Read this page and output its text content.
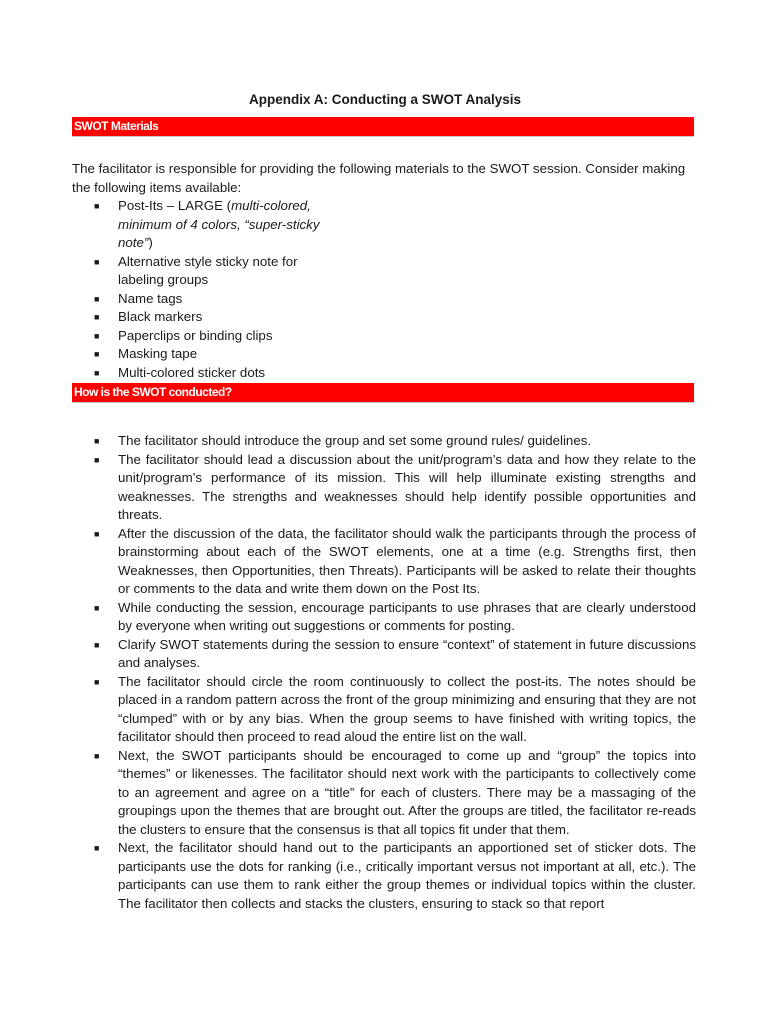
Appendix A: Conducting a SWOT Analysis
SWOT Materials

The facilitator is responsible for providing the following materials to the SWOT session. Consider making the following items available:

■ Post-Its – LARGE (multi-colored, minimum of 4 colors, “super-sticky note”)
■ Alternative style sticky note for labeling groups
■ Name tags
■ Black markers
■ Paperclips or binding clips
■ Masking tape
■ Multi-colored sticker dots
How is the SWOT conducted?
■ The facilitator should introduce the group and set some ground rules/ guidelines.
■ The facilitator should lead a discussion about the unit/program’s data and how they relate to the unit/program’s performance of its mission. This will help illuminate existing strengths and weaknesses. The strengths and weaknesses should help identify possible opportunities and threats.
■ After the discussion of the data, the facilitator should walk the participants through the process of brainstorming about each of the SWOT elements, one at a time (e.g. Strengths first, then Weaknesses, then Opportunities, then Threats). Participants will be asked to relate their thoughts or comments to the data and write them down on the Post Its.
■ While conducting the session, encourage participants to use phrases that are clearly understood by everyone when writing out suggestions or comments for posting.
■ Clarify SWOT statements during the session to ensure “context” of statement in future discussions and analyses.
■ The facilitator should circle the room continuously to collect the post-its. The notes should be placed in a random pattern across the front of the group minimizing and ensuring that they are not “clumped” with or by any bias. When the group seems to have finished with writing topics, the facilitator should then proceed to read aloud the entire list on the wall.
■ Next, the SWOT participants should be encouraged to come up and “group” the topics into “themes” or likenesses. The facilitator should next work with the participants to collectively come to an agreement and agree on a “title” for each of clusters. There may be a massaging of the groupings upon the themes that are brought out. After the groups are titled, the facilitator re-reads the clusters to ensure that the consensus is that all topics fit under that them.
■ Next, the facilitator should hand out to the participants an apportioned set of sticker dots. The participants use the dots for ranking (i.e., critically important versus not important at all, etc.). The participants can use them to rank either the group themes or individual topics within the cluster. The facilitator then collects and stacks the clusters, ensuring to stack so that report
